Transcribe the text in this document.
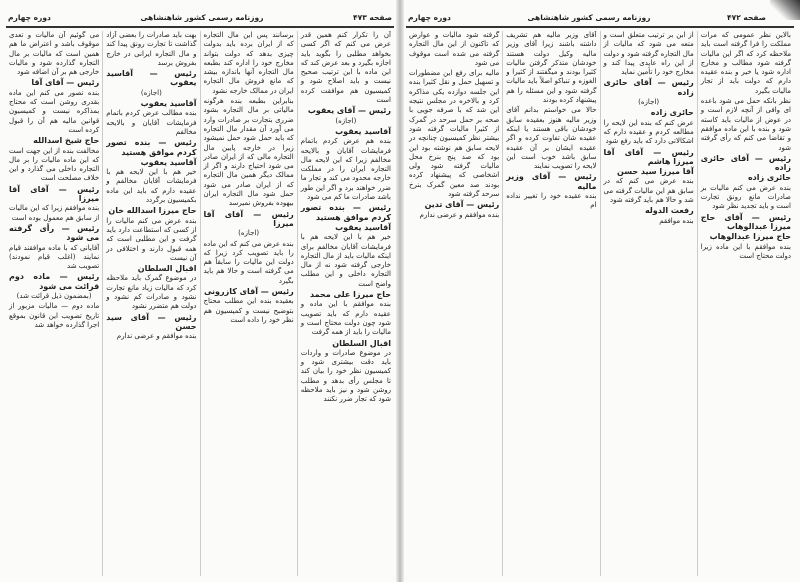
صفحه ۴۷۳
روزنامه رسمی کشور شاهنشاهی
دوره چهارم

آن را تکرار کنم همین قدر عرض می کنم که اگر کسی بخواهد مطلبی را بگوید باید اجازه بگیرد و بعد عرض کند که این ماده با این ترتیب صحیح نیست و باید اصلاح شود و کمیسیون هم موافقت کرده است

رئیس — آقای یعقوب

(اجازه)

آقاسید یعقوب

بنده هم عرض کردم باتمام فرمایشات آقایان و بالایحه مخالفم زیرا که این لایحه مال التجاره ایران را در مملکت خارجه محدود می کند و تجار ما ضرر خواهند برد و اگر این طور باشد صادرات ما کم می شود

رئیس — بنده تصور کردم موافق هستید

آقاسید یعقوب

خیر هم با این لایحه هم با فرمایشات آقایان مخالفم برای اینکه مالیات باید از مال التجاره خارجی گرفته شود نه از مال التجاره داخلی و این مطلب واضح است

حاج میرزا علی محمد

بنده موافقم با این ماده و عقیده دارم که باید تصویب شود چون دولت محتاج است و مالیات را باید از همه گرفت

اقبال السلطان

در موضوع صادرات و واردات باید دقت بیشتری شود و کمیسیون نظر خود را بیان کند تا مجلس رأی بدهد و مطلب روشن شود و نیز باید ملاحظه شود که تجار ضرر نکنند

برسانند پس این مال التجاره که از ایران برده باید بدولت چیزی بدهد که دولت بتواند مخارج خود را اداره کند بطبعه مال التجاره آنها باندازه بیشد که مانع فروش مال التجاره ایران در ممالک خارجه نشود

بنابراین بطبعه بنده هرگونه مالیاتی بر مال التجاره بشود ضرری بتجارت بر صادرات وارد می آورد آن مقدار مال التجاره که باید حمل شود حمل نمیشود زیرا در خارجه پایین مال التجاره مالی که از ایران صادر می شود احتیاج دارند و اگر از ممالک دیگر همین مال التجاره که از ایران صادر می شود حمل شود مال التجاره ایران بیهوده بفروش نمیرسد

رئیس — آقای آقا میرزا

(اجازه)

بنده عرض می کنم که این ماده را باید تصویب کرد زیرا که دولت این مالیات را سابقاً هم می گرفته است و حالا هم باید بگیرد

رئیس — آقای کازرونی

بعقیده بنده این مطلب محتاج بتوضیح نیست و کمیسیون هم نظر خود را داده است

بهت باید صادرات را بعضی آزاد گذاشت تا تجارت رونق پیدا کند و مال التجاره ایرانی در خارج بفروش برسد

رئیس — آقاسید یعقوب

(اجازه)

آقاسید یعقوب

بنده مطالب عرض کردم باتمام فرمایشات آقایان و بالایحه مخالفم

رئیس — بنده تصور کردم موافق هستید

آقاسید یعقوب

خیر هم با این لایحه هم با فرمایشات آقایان مخالفم و عقیده دارم که باید این ماده بکمیسیون برگردد

حاج میرزا اسدالله خان

بنده عرض می کنم مالیات را از کسی که استطاعت دارد باید گرفت و این مطلبی است که همه قبول دارند و اختلافی در آن نیست

اقبال السلطان

در موضوع گمرک باید ملاحظه کرد که مالیات زیاد مانع تجارت نشود و صادرات کم نشود و دولت هم متضرر نشود

رئیس — آقای سید حسن

بنده موافقم و عرضی ندارم

می گوئیم آن مالیات و تعدی موقوف باشد و اعتراض ما هم همین است که مالیات بر مال التجاره گذارده شود و مالیات خارجی هم بر آن اضافه شود

رئیس — آقای آقا

بنده تصور می کنم این ماده بقدری روشن است که محتاج بمذاکره نیست و کمیسیون قوانین مالیه هم آن را قبول کرده است

حاج شیخ اسدالله

مخالفت بنده از این جهت است که این ماده مالیات را بر مال التجاره داخلی می گذارد و این خلاف مصلحت است

رئیس — آقای آقا میرزا

بنده موافقم زیرا که این مالیات از سابق هم معمول بوده است

رئیس — رأی گرفته می شود

آقایانی که با ماده موافقند قیام نمایند (اغلب قیام نمودند) تصویب شد

رئیس — ماده دوم قرائت می شود

(بمضمون ذیل قرائت شد)

ماده دوم — مالیات مزبور از تاریخ تصویب این قانون بموقع اجرا گذارده خواهد شد

صفحه ۴۷۲
روزنامه رسمی کشور شاهنشاهی
دوره چهارم

بالاین نظر عمومی که مرات مملکت را فرا گرفته است باید ملاحظه کرد که اگر این مالیات گرفته شود مطالب و مخارج اداره شود یا خیر و بنده عقیده دارم که دولت باید از تجار مالیات بگیرد

نظر بانکه حمل می شود باعده ای وافی از آنچه لازم است و در عوض از مالیات باید کاسته شود و بنده با این ماده موافقم و تقاضا می کنم که رأی گرفته شود

رئیس — آقای حائری زاده

حائری زاده

بنده عرض می کنم مالیات بر صادرات مانع رونق تجارت است و باید تجدید نظر شود

رئیس — آقای حاج میرزا عبدالوهاب

حاج میرزا عبدالوهاب

بنده موافقم با این ماده زیرا دولت محتاج است

از ابن بر ترتیب متعلق است و متعه می شود که مالیات از مال التجاره گرفته شود و دولت از این راه عایدی پیدا کند و مخارج خود را تأمین نماید

رئیس — آقای حائری زاده

(اجازه)

حائری زاده

عرض کنم که بنده این لایحه را مطالعه کردم و عقیده دارم که اشکالاتی دارد که باید رفع شود

رئیس — آقای آقا میرزا هاشم

آقا میرزا سید حسن

بنده عرض می کنم که در سابق هم این مالیات گرفته می شد و حالا هم باید گرفته شود

رفعت الدوله

بنده موافقم

آقای وزیر مالیه هم تشریف داشته باشند زیرا آقای وزیر مالیه وکیل دولت هستند خودشان متذکر گرفتن مالیات کثیرا بودند و میگفتند از کثیرا و الغوزه و تنباکو اصلاً باید مالیات گرفته شود و این مسئله را هم پیشنهاد کرده بودند

حالا می خواستم بدانم آقای وزیر مالیه هنوز بعقیده سابق خودشان باقی هستند یا اینکه عقیده شان تفاوت کرده و اگر عقیده ایشان بر آن عقیده سابق باشد خوب است این لایحه را تصویب نمایند

رئیس — آقای وزیر مالیه

بنده عقیده خود را تغییر نداده ام

گرفته شود مالیات و عوارض که تاکنون از این مال التجاره گرفته می شده است موقوف می شود

مالیه برای رفع این مضطورات و تسهیل حمل و نقل کثیرا بنده این جلسه دوازده یکی مذاکره کرد و بالاخره در مجلس نتیجه این شد که با صرفه جویی با صحه بر حمل سرحد در گمرک از کثیرا مالیات گرفته شود بیشتر نظر کمیسیون چنانچه در لایحه سابق هم نوشته بود این بود که صد پنج بنرخ محل مالیات گرفته شود ولی اشخاصی که پیشنهاد کرده بودند صد معین گمرک بنرخ سرحد گرفته شود

رئیس — آقای تدین

بنده موافقم و عرضی ندارم
